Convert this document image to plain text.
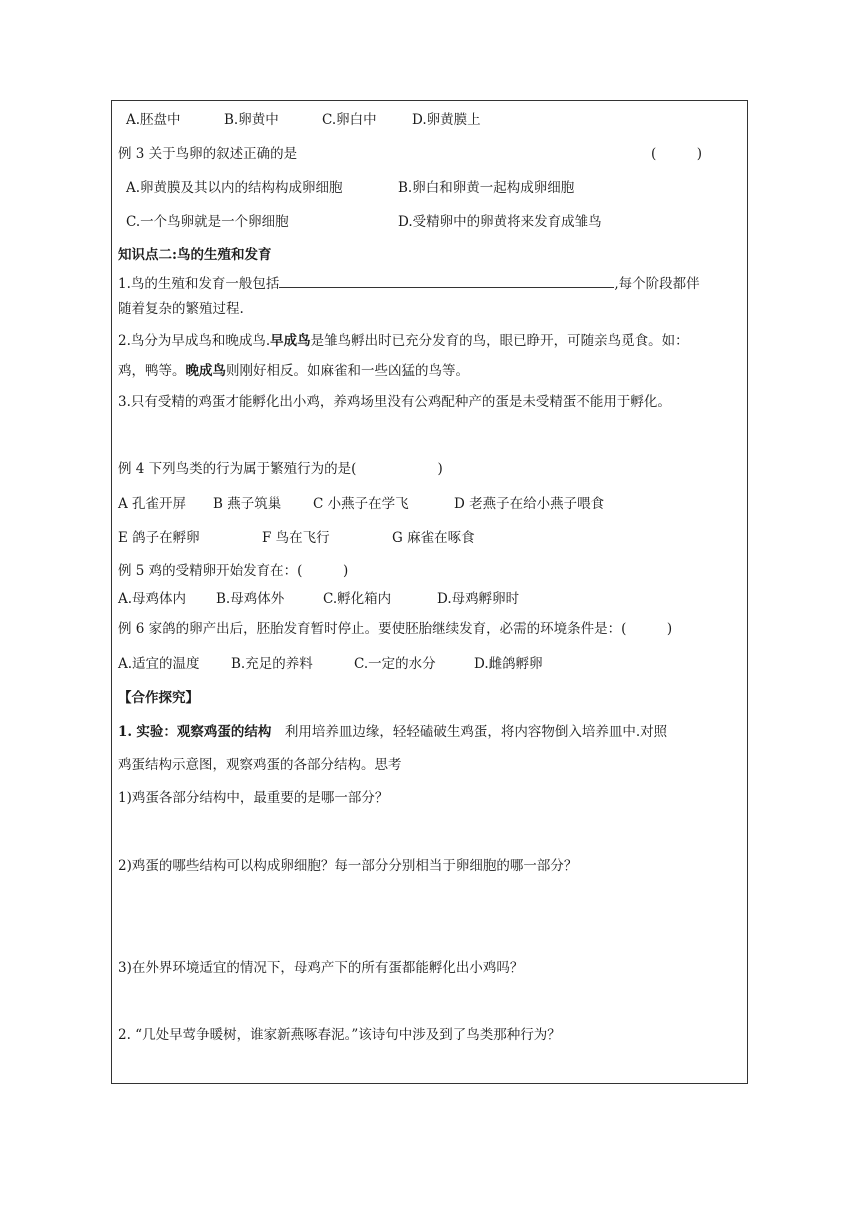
A.胚盘中	B.卵黄中	C.卵白中	D.卵黄膜上
例 3 关于鸟卵的叙述正确的是	(　　　)
A.卵黄膜及其以内的结构构成卵细胞	B.卵白和卵黄一起构成卵细胞
C.一个鸟卵就是一个卵细胞	D.受精卵中的卵黄将来发育成雏鸟
知识点二:鸟的生殖和发育
1.鸟的生殖和发育一般包括	,每个阶段都伴
随着复杂的繁殖过程.
2.鸟分为早成鸟和晚成鸟.早成鸟是雏鸟孵出时已充分发育的鸟，眼已睁开，可随亲鸟觅食。如：
鸡，鸭等。晚成鸟则刚好相反。如麻雀和一些凶猛的鸟等。
3.只有受精的鸡蛋才能孵化出小鸡，养鸡场里没有公鸡配种产的蛋是未受精蛋不能用于孵化。
例 4 下列鸟类的行为属于繁殖行为的是(　　　　　　)
A 孔雀开屏 B 燕子筑巢 C 小燕子在学飞	D 老燕子在给小燕子喂食
E 鸽子在孵卵	F 鸟在飞行	G 麻雀在啄食
例 5 鸡的受精卵开始发育在：(　　　)
A.母鸡体内 B.母鸡体外	C.孵化箱内	D.母鸡孵卵时
例 6 家鸽的卵产出后，胚胎发育暂时停止。要使胚胎继续发育，必需的环境条件是：(　　　)
A.适宜的温度 B.充足的养料	C.一定的水分	D.雌鸽孵卵
【合作探究】
1. 实验：观察鸡蛋的结构　利用培养皿边缘，轻轻磕破生鸡蛋，将内容物倒入培养皿中.对照
鸡蛋结构示意图，观察鸡蛋的各部分结构。思考
1)鸡蛋各部分结构中，最重要的是哪一部分？
2)鸡蛋的哪些结构可以构成卵细胞？每一部分分别相当于卵细胞的哪一部分？
3)在外界环境适宜的情况下，母鸡产下的所有蛋都能孵化出小鸡吗？
2. “几处早莺争暖树，谁家新燕啄春泥。”该诗句中涉及到了鸟类那种行为？
